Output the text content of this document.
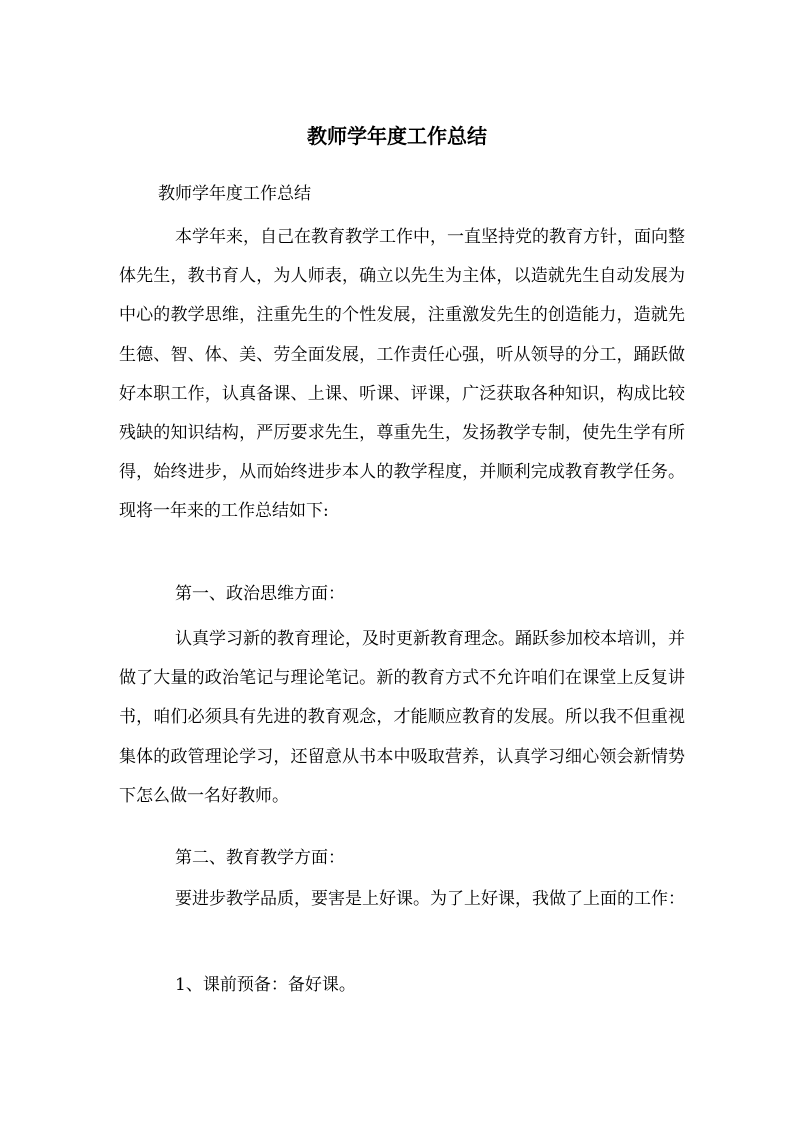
教师学年度工作总结
教师学年度工作总结
本学年来，自己在教育教学工作中，一直坚持党的教育方针，面向整体先生，教书育人，为人师表，确立以先生为主体，以造就先生自动发展为中心的教学思维，注重先生的个性发展，注重激发先生的创造能力，造就先生德、智、体、美、劳全面发展，工作责任心强，听从领导的分工，踊跃做好本职工作，认真备课、上课、听课、评课，广泛获取各种知识，构成比较残缺的知识结构，严厉要求先生，尊重先生，发扬教学专制，使先生学有所得，始终进步，从而始终进步本人的教学程度，并顺利完成教育教学任务。现将一年来的工作总结如下:
第一、政治思维方面：
认真学习新的教育理论，及时更新教育理念。踊跃参加校本培训，并做了大量的政治笔记与理论笔记。新的教育方式不允许咱们在课堂上反复讲书，咱们必须具有先进的教育观念，才能顺应教育的发展。所以我不但重视集体的政管理论学习，还留意从书本中吸取营养，认真学习细心领会新情势下怎么做一名好教师。
第二、教育教学方面：
要进步教学品质，要害是上好课。为了上好课，我做了上面的工作：
1、课前预备：备好课。
